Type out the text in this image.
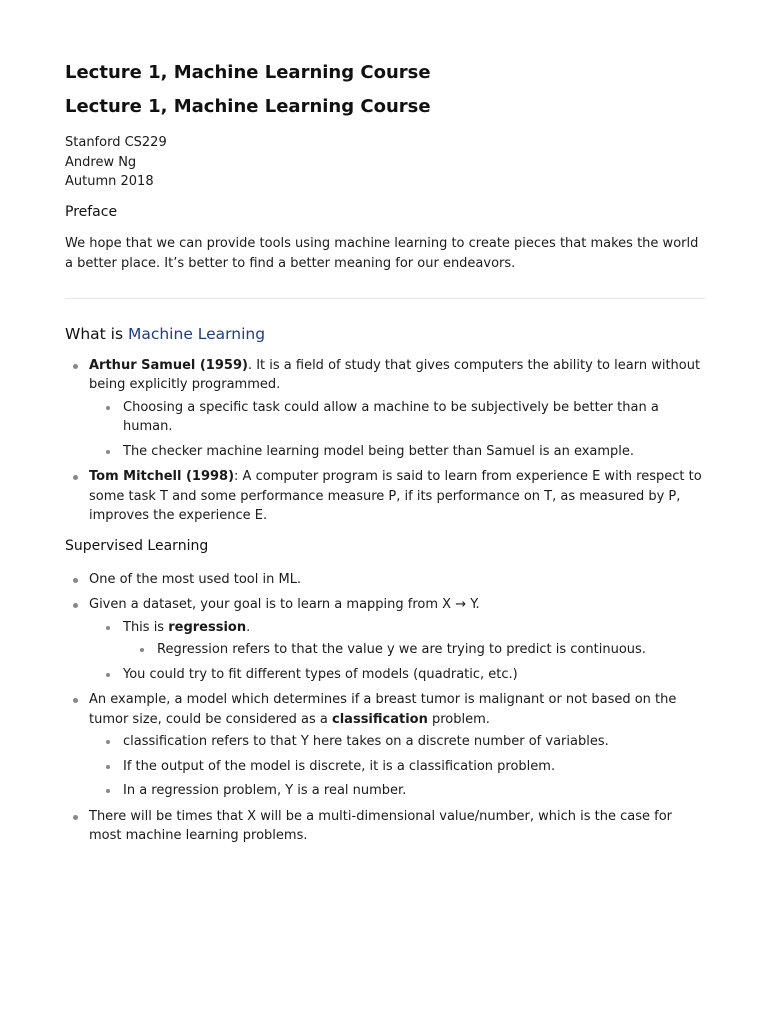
Lecture 1, Machine Learning Course
Lecture 1, Machine Learning Course
Stanford CS229
Andrew Ng
Autumn 2018
Preface

We hope that we can provide tools using machine learning to create pieces that makes the world a better place. It’s better to find a better meaning for our endeavors.

What is Machine Learning
Arthur Samuel (1959). It is a field of study that gives computers the ability to learn without being explicitly programmed.
Choosing a specific task could allow a machine to be subjectively be better than a human.
The checker machine learning model being better than Samuel is an example.
Tom Mitchell (1998): A computer program is said to learn from experience E with respect to some task T and some performance measure P, if its performance on T, as measured by P, improves the experience E.
Supervised Learning
One of the most used tool in ML.
Given a dataset, your goal is to learn a mapping from X → Y.
This is regression.
Regression refers to that the value y we are trying to predict is continuous.
You could try to fit different types of models (quadratic, etc.)
An example, a model which determines if a breast tumor is malignant or not based on the tumor size, could be considered as a classification problem.
classification refers to that Y here takes on a discrete number of variables.
If the output of the model is discrete, it is a classification problem.
In a regression problem, Y is a real number.
There will be times that X will be a multi-dimensional value/number, which is the case for most machine learning problems.
